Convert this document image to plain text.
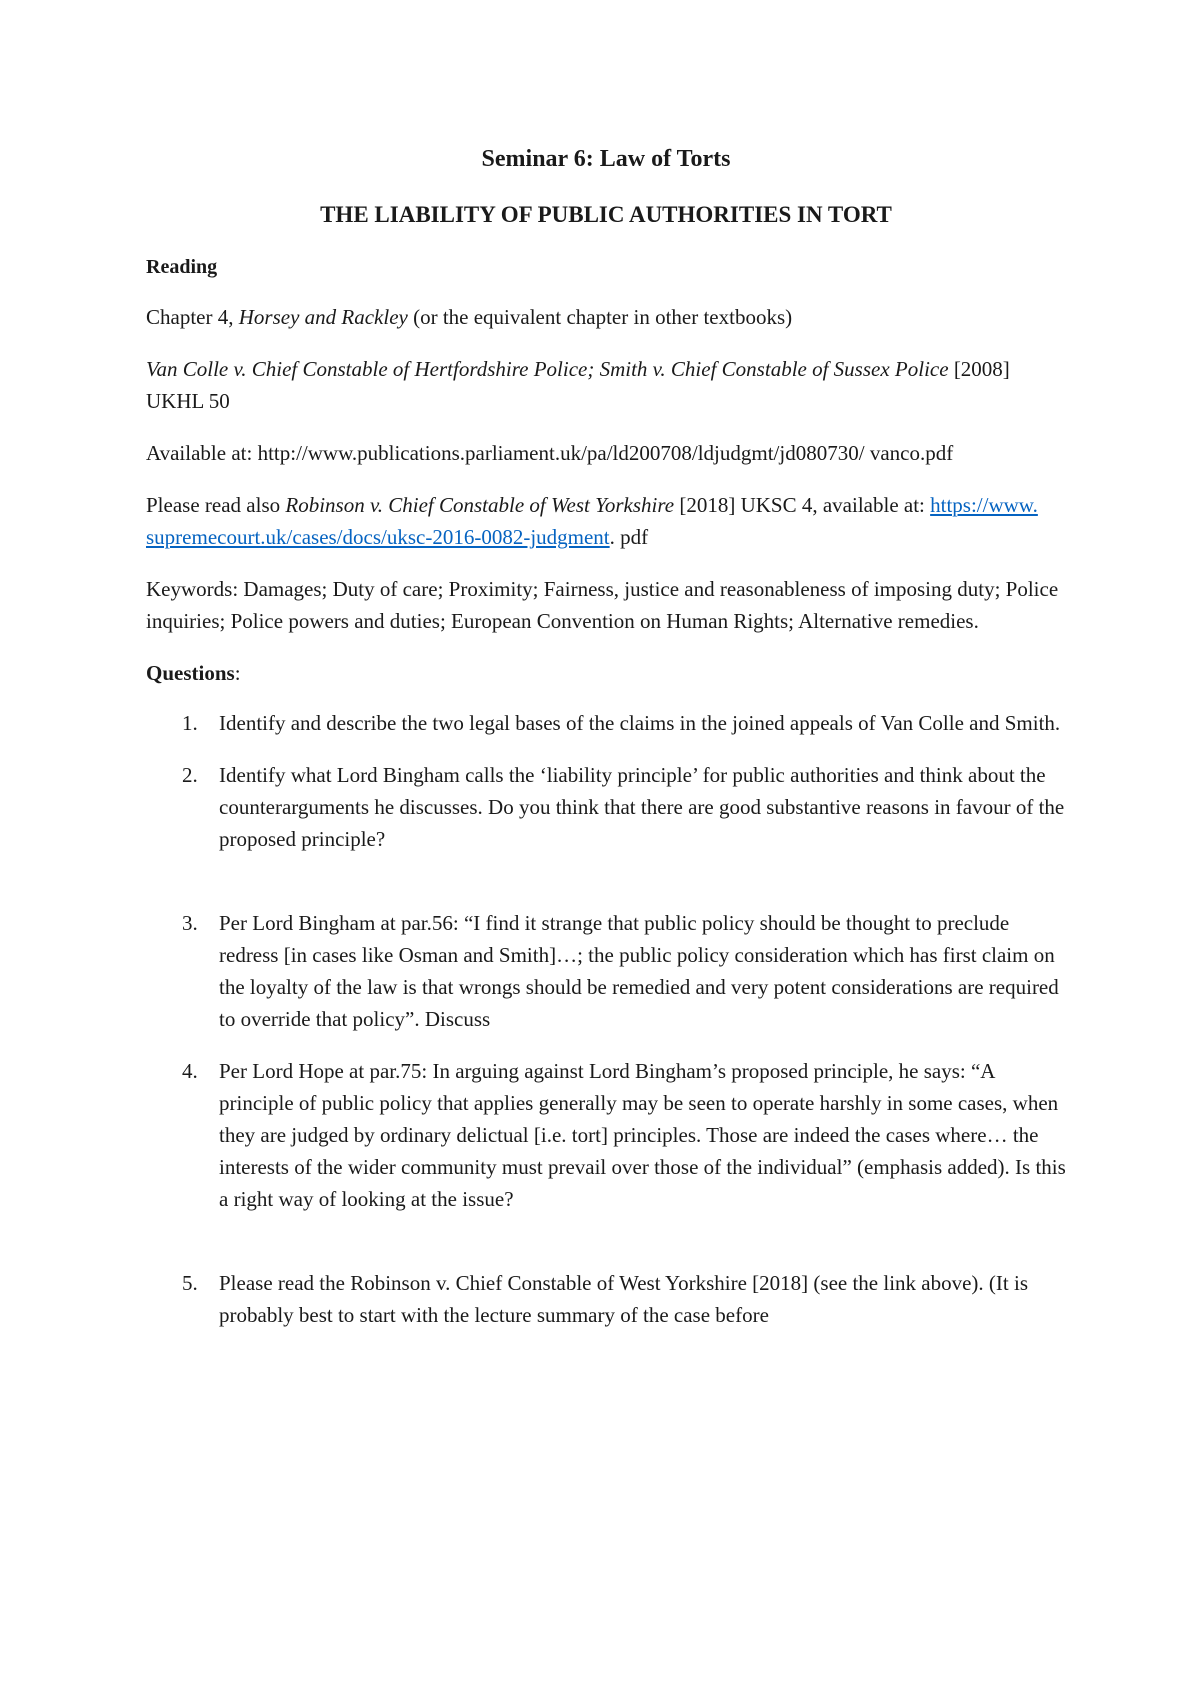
Seminar 6: Law of Torts
THE LIABILITY OF PUBLIC AUTHORITIES IN TORT
Reading

Chapter 4, Horsey and Rackley (or the equivalent chapter in other textbooks)

Van Colle v. Chief Constable of Hertfordshire Police; Smith v. Chief Constable of Sussex Police [2008] UKHL 50

Available at: http://www.publications.parliament.uk/pa/ld200708/ldjudgmt/jd080730/ vanco.pdf

Please read also Robinson v. Chief Constable of West Yorkshire [2018] UKSC 4, available at: https://www. supremecourt.uk/cases/docs/uksc-2016-0082-judgment. pdf

Keywords: Damages; Duty of care; Proximity; Fairness, justice and reasonableness of imposing duty; Police inquiries; Police powers and duties; European Convention on Human Rights; Alternative remedies.

Questions:

1. Identify and describe the two legal bases of the claims in the joined appeals of Van Colle and Smith.
2. Identify what Lord Bingham calls the ‘liability principle’ for public authorities and think about the counterarguments he discusses. Do you think that there are good substantive reasons in favour of the proposed principle?
3. Per Lord Bingham at par.56: “I find it strange that public policy should be thought to preclude redress [in cases like Osman and Smith]…; the public policy consideration which has first claim on the loyalty of the law is that wrongs should be remedied and very potent considerations are required to override that policy”. Discuss
4. Per Lord Hope at par.75: In arguing against Lord Bingham’s proposed principle, he says: “A principle of public policy that applies generally may be seen to operate harshly in some cases, when they are judged by ordinary delictual [i.e. tort] principles. Those are indeed the cases where… the interests of the wider community must prevail over those of the individual” (emphasis added). Is this a right way of looking at the issue?
5. Please read the Robinson v. Chief Constable of West Yorkshire [2018] (see the link above). (It is probably best to start with the lecture summary of the case before
